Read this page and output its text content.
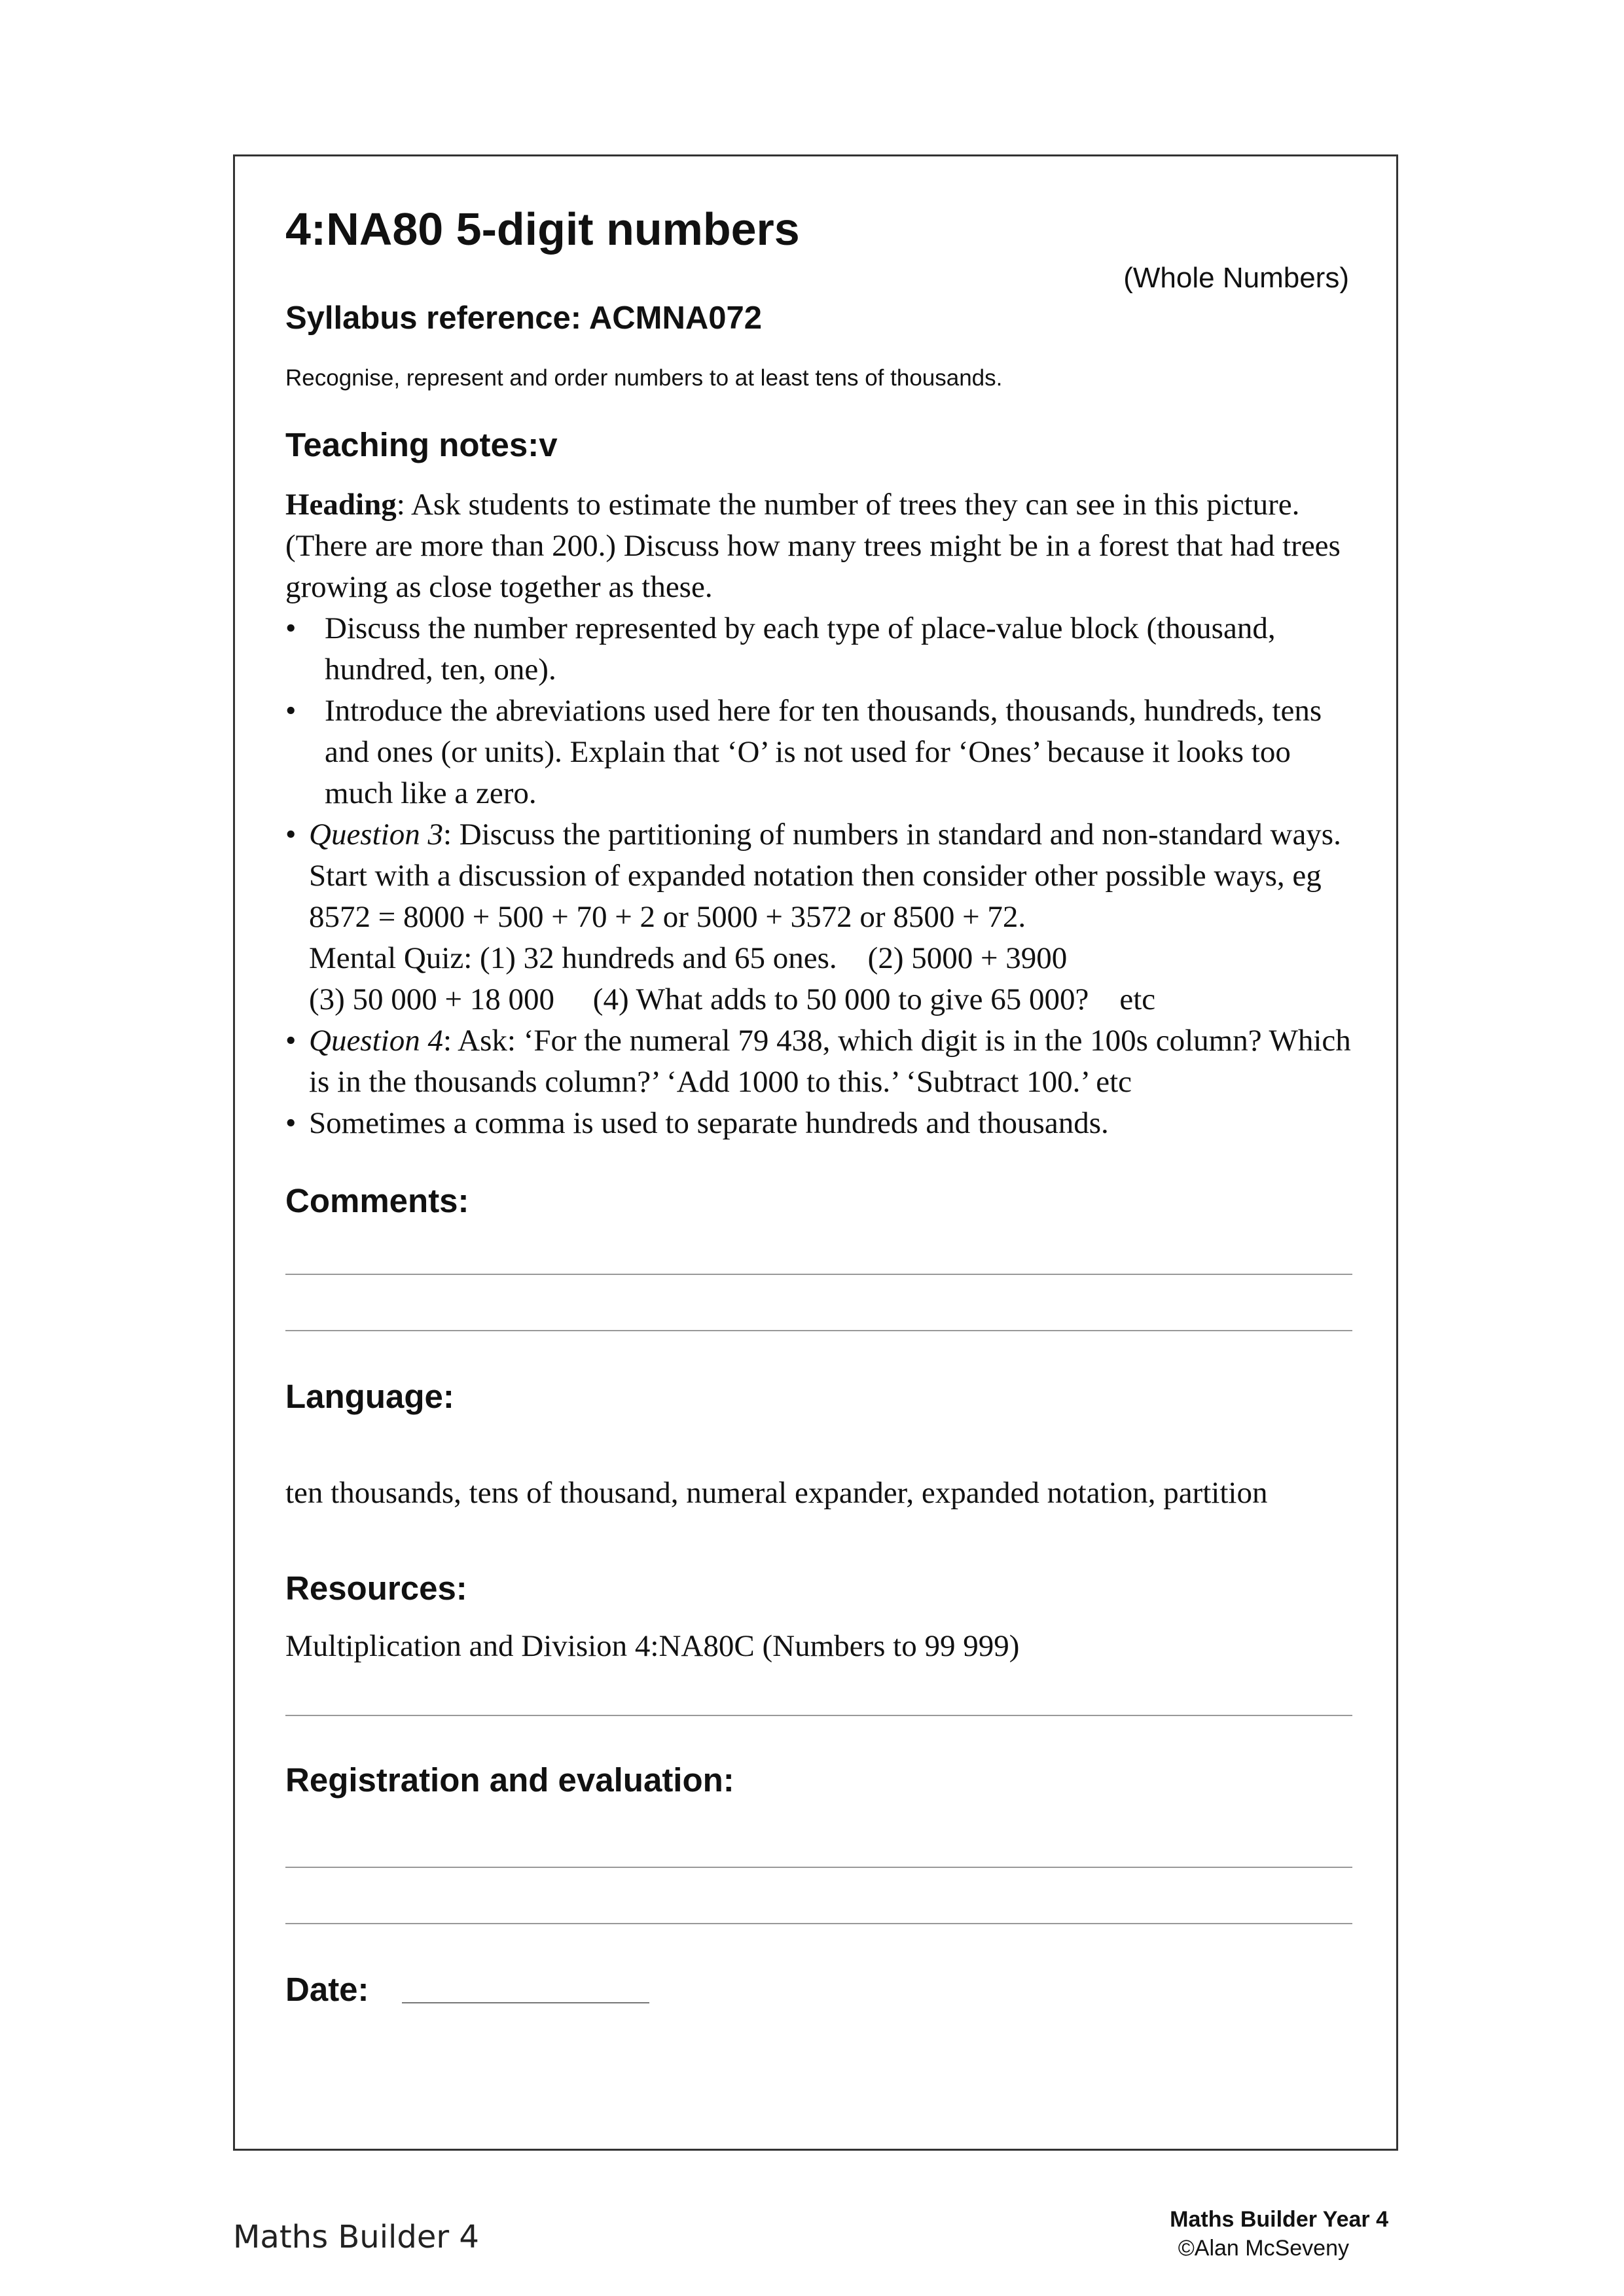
4:NA80 5-digit numbers
(Whole Numbers)
Syllabus reference: ACMNA072
Recognise, represent and order numbers to at least tens of thousands.
Teaching notes:v

Heading: Ask students to estimate the number of trees they can see in this picture. (There are more than 200.) Discuss how many trees might be in a forest that had trees growing as close together as these.

• Discuss the number represented by each type of place-value block (thousand, hundred, ten, one).
• Introduce the abreviations used here for ten thousands, thousands, hundreds, tens and ones (or units). Explain that ‘O’ is not used for ‘Ones’ because it looks too much like a zero.
• Question 3: Discuss the partitioning of numbers in standard and non-standard ways. Start with a discussion of expanded notation then consider other possible ways, eg 8572 = 8000 + 500 + 70 + 2 or 5000 + 3572 or 8500 + 72.
Mental Quiz: (1) 32 hundreds and 65 ones.    (2) 5000 + 3900
(3) 50 000 + 18 000     (4) What adds to 50 000 to give 65 000?    etc
• Question 4: Ask: ‘For the numeral 79 438, which digit is in the 100s column? Which is in the thousands column?’ ‘Add 1000 to this.’ ‘Subtract 100.’ etc
• Sometimes a comma is used to separate hundreds and thousands.
Comments:
Language:
ten thousands, tens of thousand, numeral expander, expanded notation, partition
Resources:
Multiplication and Division 4:NA80C (Numbers to 99 999)
Registration and evaluation:
Date:
Maths Builder 4	Maths Builder Year 4
©Alan McSeveny
